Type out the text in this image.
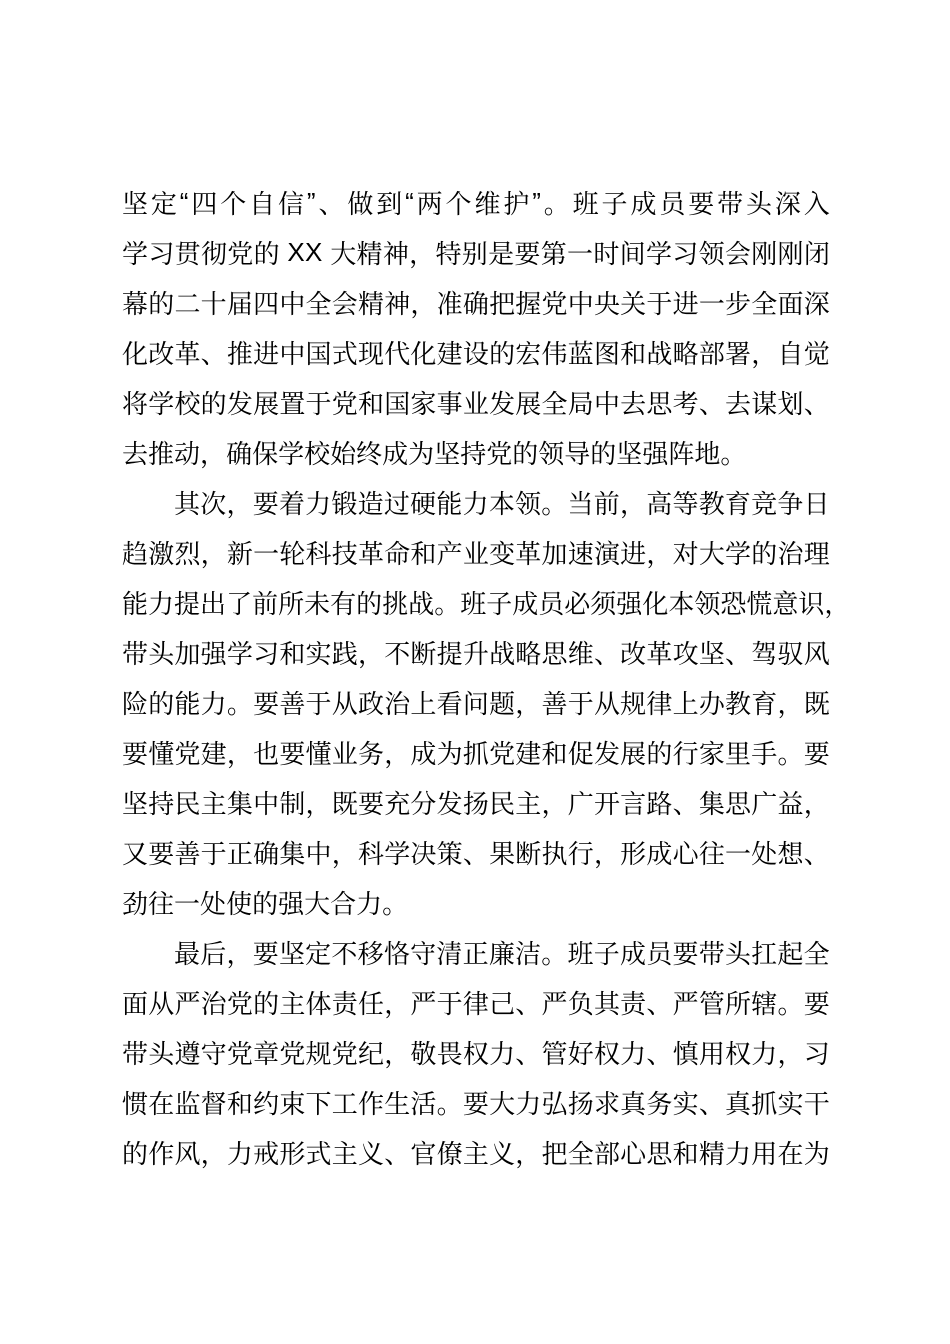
坚 定 “ 四 个 自 信 ” 、 做 到 “ 两 个 维 护 ” 。 班 子 成 员 要 带 头 深 入
学 习 贯 彻 党 的
X X
大 精 神 ， 特 别 是 要 第 一 时 间 学 习 领 会 刚 刚 闭
幕 的 二 十 届 四 中 全 会 精 神 ， 准 确 把 握 党 中 央 关 于 进 一 步 全 面 深
化 改 革 、 推 进 中 国 式 现 代 化 建 设 的 宏 伟 蓝 图 和 战 略 部 署 ， 自 觉
将 学 校 的 发 展 置 于 党 和 国 家 事 业 发 展 全 局 中 去 思 考 、 去 谋 划 、
去 推 动 ， 确 保 学 校 始 终 成 为 坚 持 党 的 领 导 的 坚 强 阵 地 。
其 次 ， 要 着 力 锻 造 过 硬 能 力 本 领 。 当 前 ， 高 等 教 育 竞 争 日
趋 激 烈 ， 新 一 轮 科 技 革 命 和 产 业 变 革 加 速 演 进 ， 对 大 学 的 治 理
能 力 提 出 了 前 所 未 有 的 挑 战 。 班 子 成 员 必 须 强 化 本 领 恐 慌 意 识 ，
带 头 加 强 学 习 和 实 践 ， 不 断 提 升 战 略 思 维 、 改 革 攻 坚 、 驾 驭 风
险 的 能 力 。 要 善 于 从 政 治 上 看 问 题 ， 善 于 从 规 律 上 办 教 育 ， 既
要 懂 党 建 ， 也 要 懂 业 务 ， 成 为 抓 党 建 和 促 发 展 的 行 家 里 手 。 要
坚 持 民 主 集 中 制 ， 既 要 充 分 发 扬 民 主 ， 广 开 言 路 、 集 思 广 益 ，
又 要 善 于 正 确 集 中 ， 科 学 决 策 、 果 断 执 行 ， 形 成 心 往 一 处 想 、
劲 往 一 处 使 的 强 大 合 力 。
最 后 ， 要 坚 定 不 移 恪 守 清 正 廉 洁 。 班 子 成 员 要 带 头 扛 起 全
面 从 严 治 党 的 主 体 责 任 ， 严 于 律 己 、 严 负 其 责 、 严 管 所 辖 。 要
带 头 遵 守 党 章 党 规 党 纪 ， 敬 畏 权 力 、 管 好 权 力 、 慎 用 权 力 ， 习
惯 在 监 督 和 约 束 下 工 作 生 活 。 要 大 力 弘 扬 求 真 务 实 、 真 抓 实 干
的 作 风 ， 力 戒 形 式 主 义 、 官 僚 主 义 ， 把 全 部 心 思 和 精 力 用 在 为
